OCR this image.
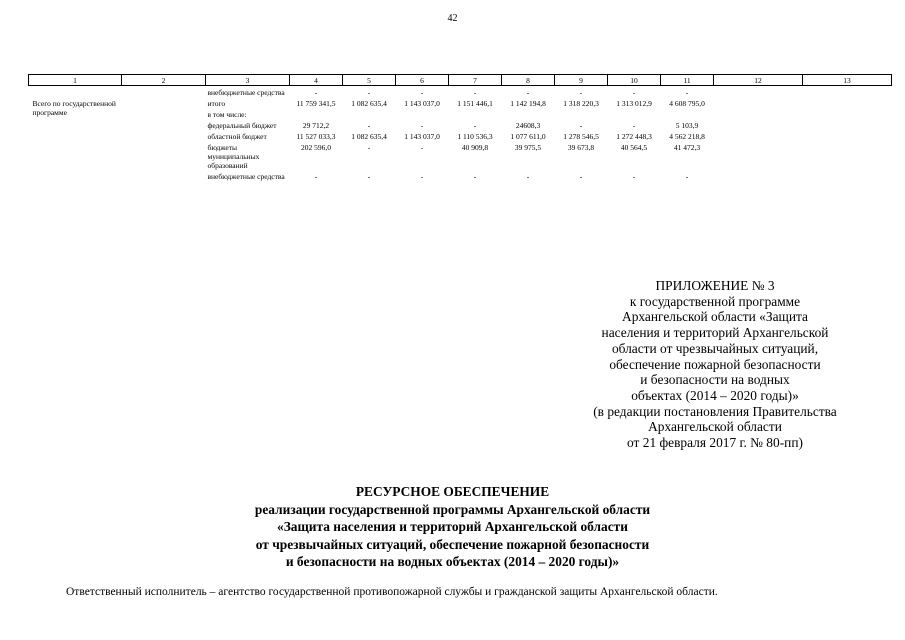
42
1	2	3	4	5	6	7	8	9	10	11	12	13
		внебюджетные средства	-	-	-	-	-	-	-	-		
Всего по государственной программе		итого	11 759 341,5	1 082 635,4	1 143 037,0	1 151 446,1	1 142 194,8	1 318 220,3	1 313 012,9	4 608 795,0		
		в том числе:										
		федеральный бюджет	29 712,2	-	-	-	24608,3	-	-	5 103,9		
		областной бюджет	11 527 033,3	1 082 635,4	1 143 037,0	1 110 536,3	1 077 611,0	1 278 546,5	1 272 448,3	4 562 218,8		
		бюджеты муниципальных образований	202 596,0	-	-	40 909,8	39 975,5	39 673,8	40 564,5	41 472,3		
		внебюджетные средства	-	-	-	-	-	-	-	-		
ПРИЛОЖЕНИЕ № 3
к государственной программе
Архангельской области «Защита
населения и территорий Архангельской
области от чрезвычайных ситуаций,
обеспечение пожарной безопасности
и безопасности на водных
объектах (2014 – 2020 годы)»
(в редакции постановления Правительства
Архангельской области
от 21 февраля 2017 г. № 80-пп)
РЕСУРСНОЕ ОБЕСПЕЧЕНИЕ
реализации государственной программы Архангельской области
«Защита населения и территорий Архангельской области
от чрезвычайных ситуаций, обеспечение пожарной безопасности
и безопасности на водных объектах (2014 – 2020 годы)»
Ответственный исполнитель – агентство государственной противопожарной службы и гражданской защиты Архангельской области.
